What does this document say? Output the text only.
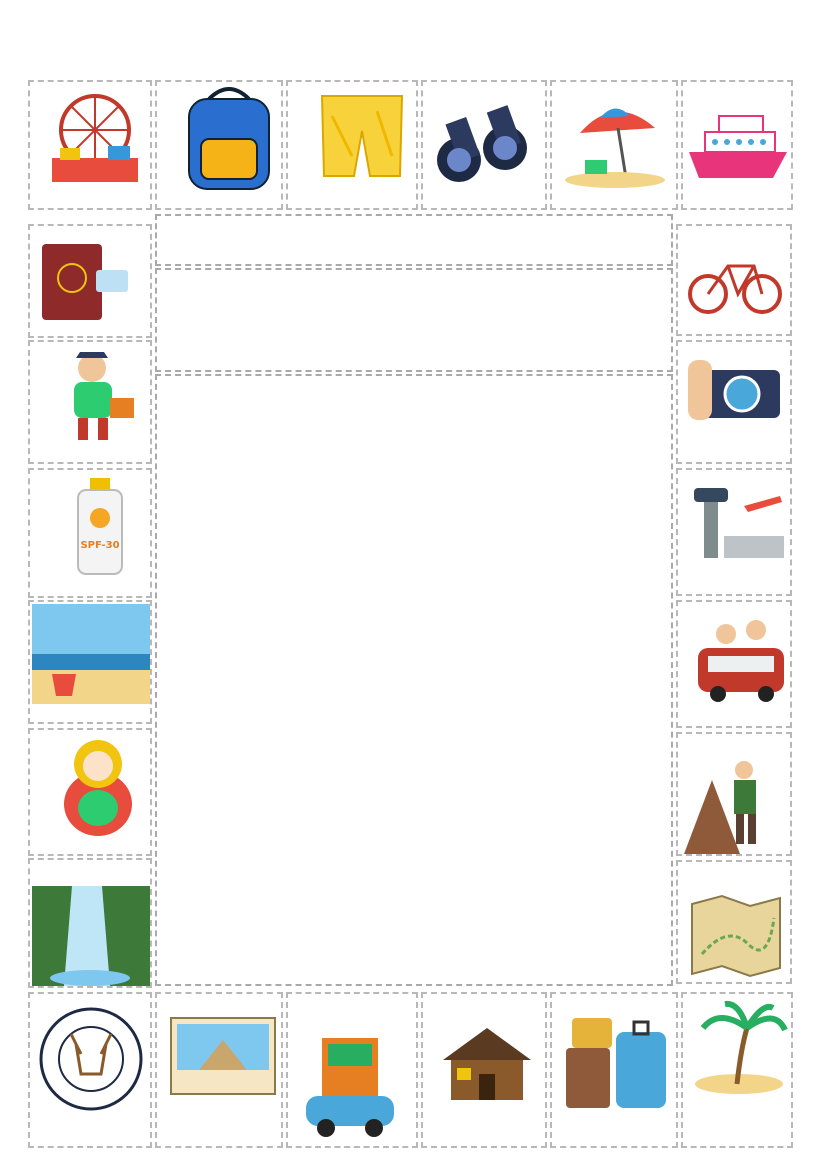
SPF-30
